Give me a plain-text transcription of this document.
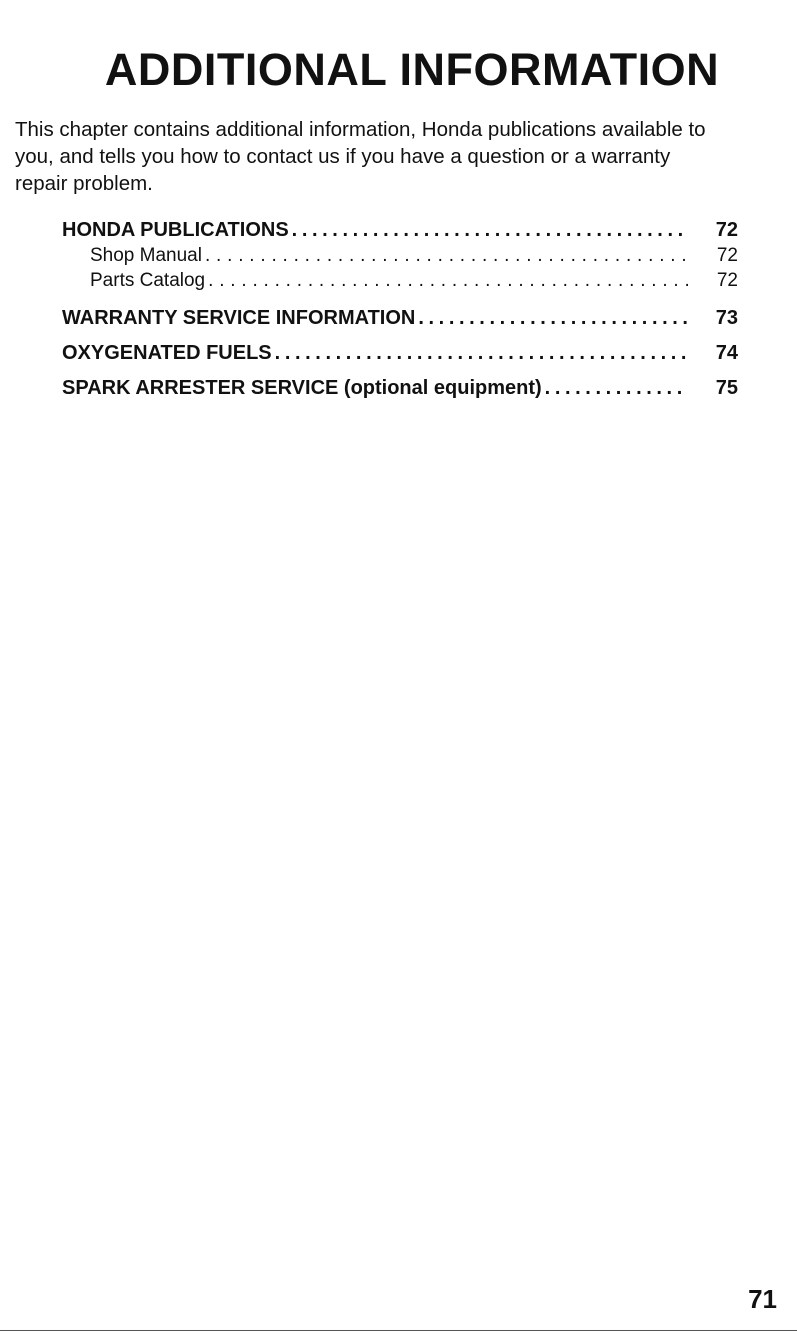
ADDITIONAL INFORMATION
This chapter contains additional information, Honda publications available to you, and tells you how to contact us if you have a question or a warranty repair problem.
HONDA PUBLICATIONS .....	72
Shop Manual .....	72
Parts Catalog .....	72
WARRANTY SERVICE INFORMATION .....	73
OXYGENATED FUELS .....	74
SPARK ARRESTER SERVICE (optional equipment) .....	75
71
